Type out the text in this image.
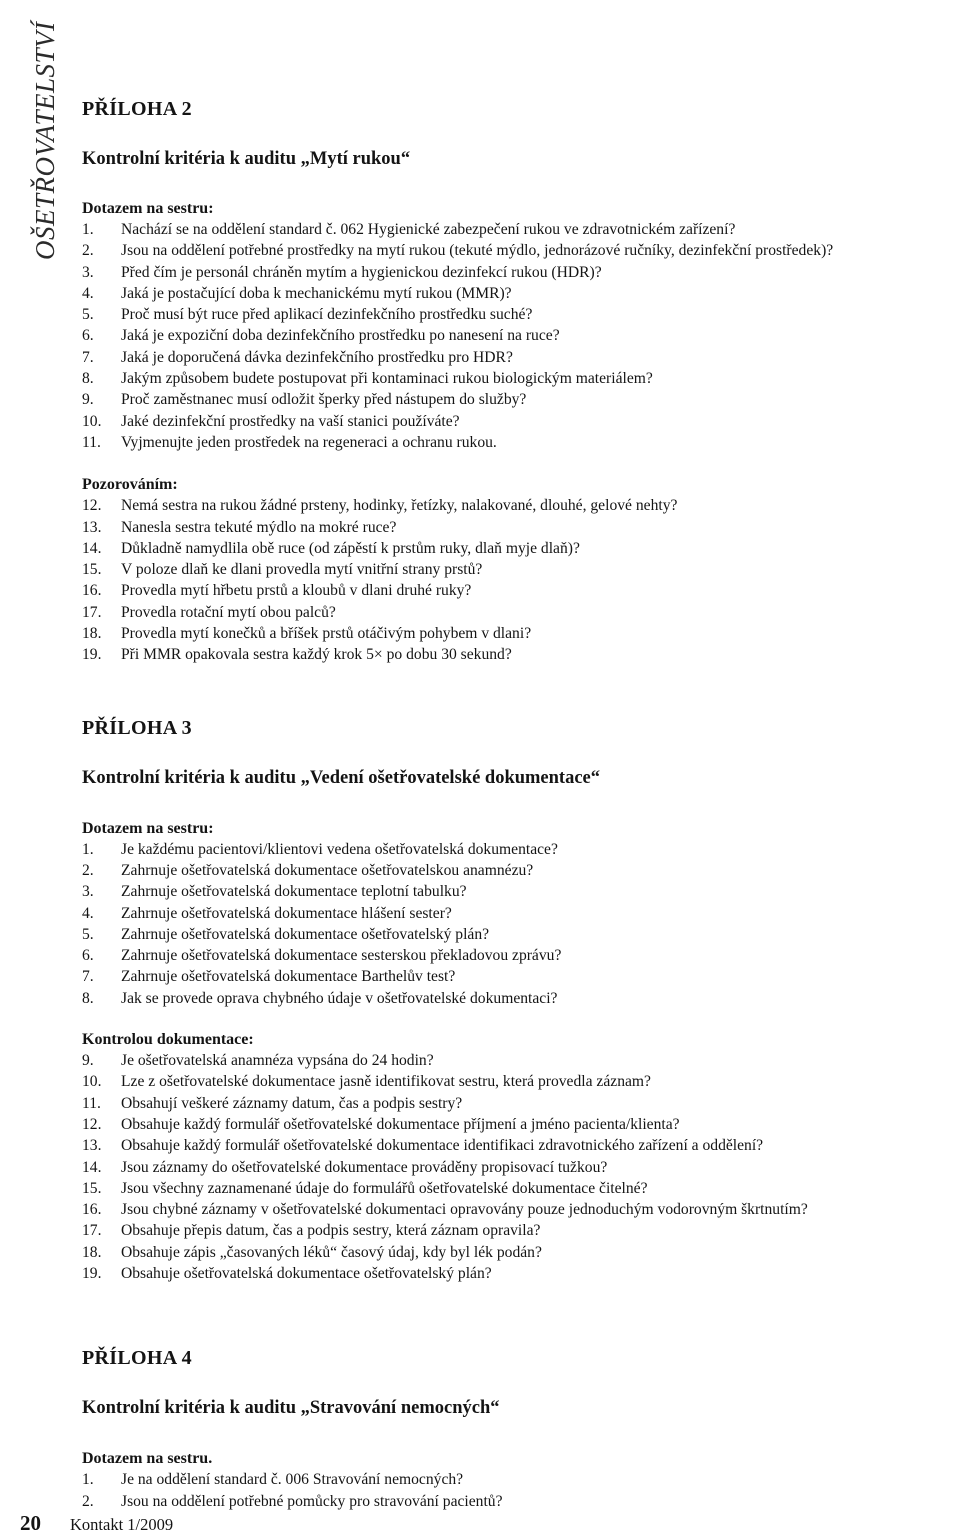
OŠETŘOVATELSTVÍ PŘÍLOHA 2
Kontrolní kritéria k auditu „Mytí rukou“
Dotazem na sestru:
1.	Nachází se na oddělení standard č. 062 Hygienické zabezpečení rukou ve zdravotnickém zařízení?
2.	Jsou na oddělení potřebné prostředky na mytí rukou (tekuté mýdlo, jednorázové ručníky, dezinfekční prostředek)?
3.	Před čím je personál chráněn mytím a hygienickou dezinfekcí rukou (HDR)?
4.	Jaká je postačující doba k mechanickému mytí rukou (MMR)?
5.	Proč musí být ruce před aplikací dezinfekčního prostředku suché?
6.	Jaká je expoziční doba dezinfekčního prostředku po nanesení na ruce?
7.	Jaká je doporučená dávka dezinfekčního prostředku pro HDR?
8.	Jakým způsobem budete postupovat při kontaminaci rukou biologickým materiálem?
9.	Proč zaměstnanec musí odložit šperky před nástupem do služby?
10.	Jaké dezinfekční prostředky na vaší stanici používáte?
11.	Vyjmenujte jeden prostředek na regeneraci a ochranu rukou.
Pozorováním:
12.	Nemá sestra na rukou žádné prsteny, hodinky, řetízky, nalakované, dlouhé, gelové nehty?
13.	Nanesla sestra tekuté mýdlo na mokré ruce?
14.	Důkladně namydlila obě ruce (od zápěstí k prstům ruky, dlaň myje dlaň)?
15.	V poloze dlaň ke dlani provedla mytí vnitřní strany prstů?
16.	Provedla mytí hřbetu prstů a kloubů v dlani druhé ruky?
17.	Provedla rotační mytí obou palců?
18.	Provedla mytí konečků a bříšek prstů otáčivým pohybem v dlani?
19.	Při MMR opakovala sestra každý krok 5× po dobu 30 sekund?
PŘÍLOHA 3
Kontrolní kritéria k auditu „Vedení ošetřovatelské dokumentace“
Dotazem na sestru:
1.	Je každému pacientovi/klientovi vedena ošetřovatelská dokumentace?
2.	Zahrnuje ošetřovatelská dokumentace ošetřovatelskou anamnézu?
3.	Zahrnuje ošetřovatelská dokumentace teplotní tabulku?
4.	Zahrnuje ošetřovatelská dokumentace hlášení sester?
5.	Zahrnuje ošetřovatelská dokumentace ošetřovatelský plán?
6.	Zahrnuje ošetřovatelská dokumentace sesterskou překladovou zprávu?
7.	Zahrnuje ošetřovatelská dokumentace Barthelův test?
8.	Jak se provede oprava chybného údaje v ošetřovatelské dokumentaci?
Kontrolou dokumentace:
9.	Je ošetřovatelská anamnéza vypsána do 24 hodin?
10.	Lze z ošetřovatelské dokumentace jasně identifikovat sestru, která provedla záznam?
11.	Obsahují veškeré záznamy datum, čas a podpis sestry?
12.	Obsahuje každý formulář ošetřovatelské dokumentace příjmení a jméno pacienta/klienta?
13.	Obsahuje každý formulář ošetřovatelské dokumentace identifikaci zdravotnického zařízení a oddělení?
14.	Jsou záznamy do ošetřovatelské dokumentace prováděny propisovací tužkou?
15.	Jsou všechny zaznamenané údaje do formulářů ošetřovatelské dokumentace čitelné?
16.	Jsou chybné záznamy v ošetřovatelské dokumentaci opravovány pouze jednoduchým vodorovným škrtnutím?
17.	Obsahuje přepis datum, čas a podpis sestry, která záznam opravila?
18.	Obsahuje zápis „časovaných léků“ časový údaj, kdy byl lék podán?
19.	Obsahuje ošetřovatelská dokumentace ošetřovatelský plán?
PŘÍLOHA 4
Kontrolní kritéria k auditu „Stravování nemocných“
Dotazem na sestru.
1.	Je na oddělení standard č. 006 Stravování nemocných?
2.	Jsou na oddělení potřebné pomůcky pro stravování pacientů?
20 Kontakt 1/2009
